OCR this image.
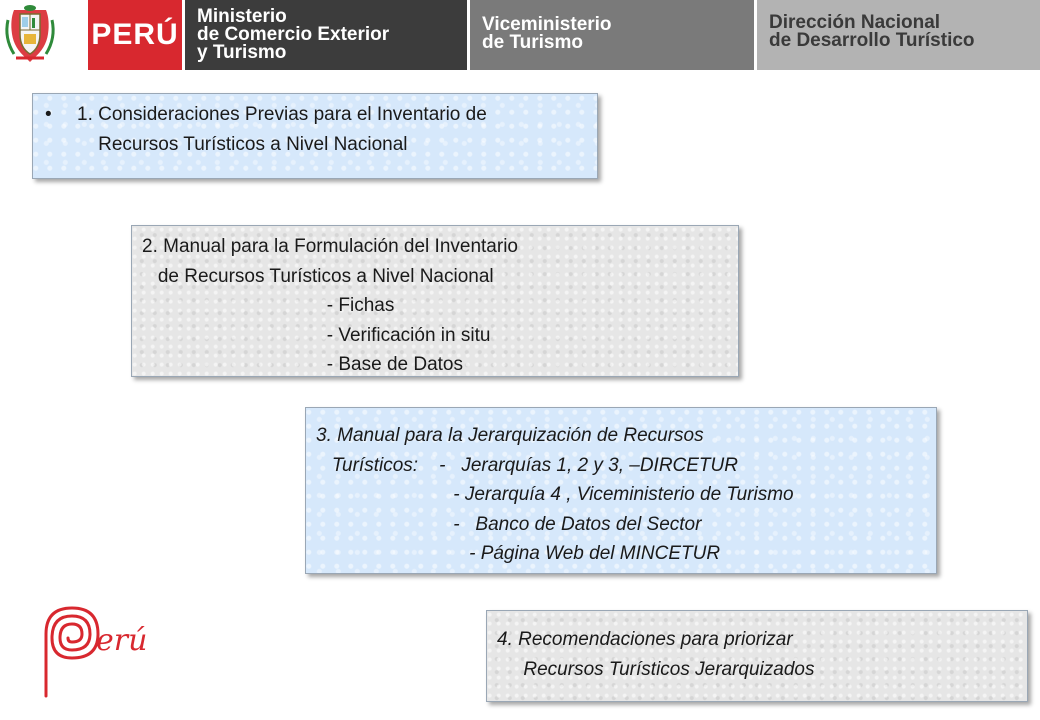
PERÚ
Ministerio
de Comercio Exterior
y Turismo
Viceministerio
de Turismo
Dirección Nacional
de Desarrollo Turístico
• 1. Consideraciones Previas para el Inventario de
Recursos Turísticos a Nivel Nacional
2. Manual para la Formulación del Inventario
de Recursos Turísticos a Nivel Nacional
- Fichas
- Verificación in situ
- Base de Datos
3. Manual para la Jerarquización de Recursos
Turísticos:    -   Jerarquías 1, 2 y 3, –DIRCETUR
- Jerarquía 4 , Viceministerio de Turismo
-   Banco de Datos del Sector
- Página Web del MINCETUR
4. Recomendaciones para priorizar
Recursos Turísticos Jerarquizados
erú
